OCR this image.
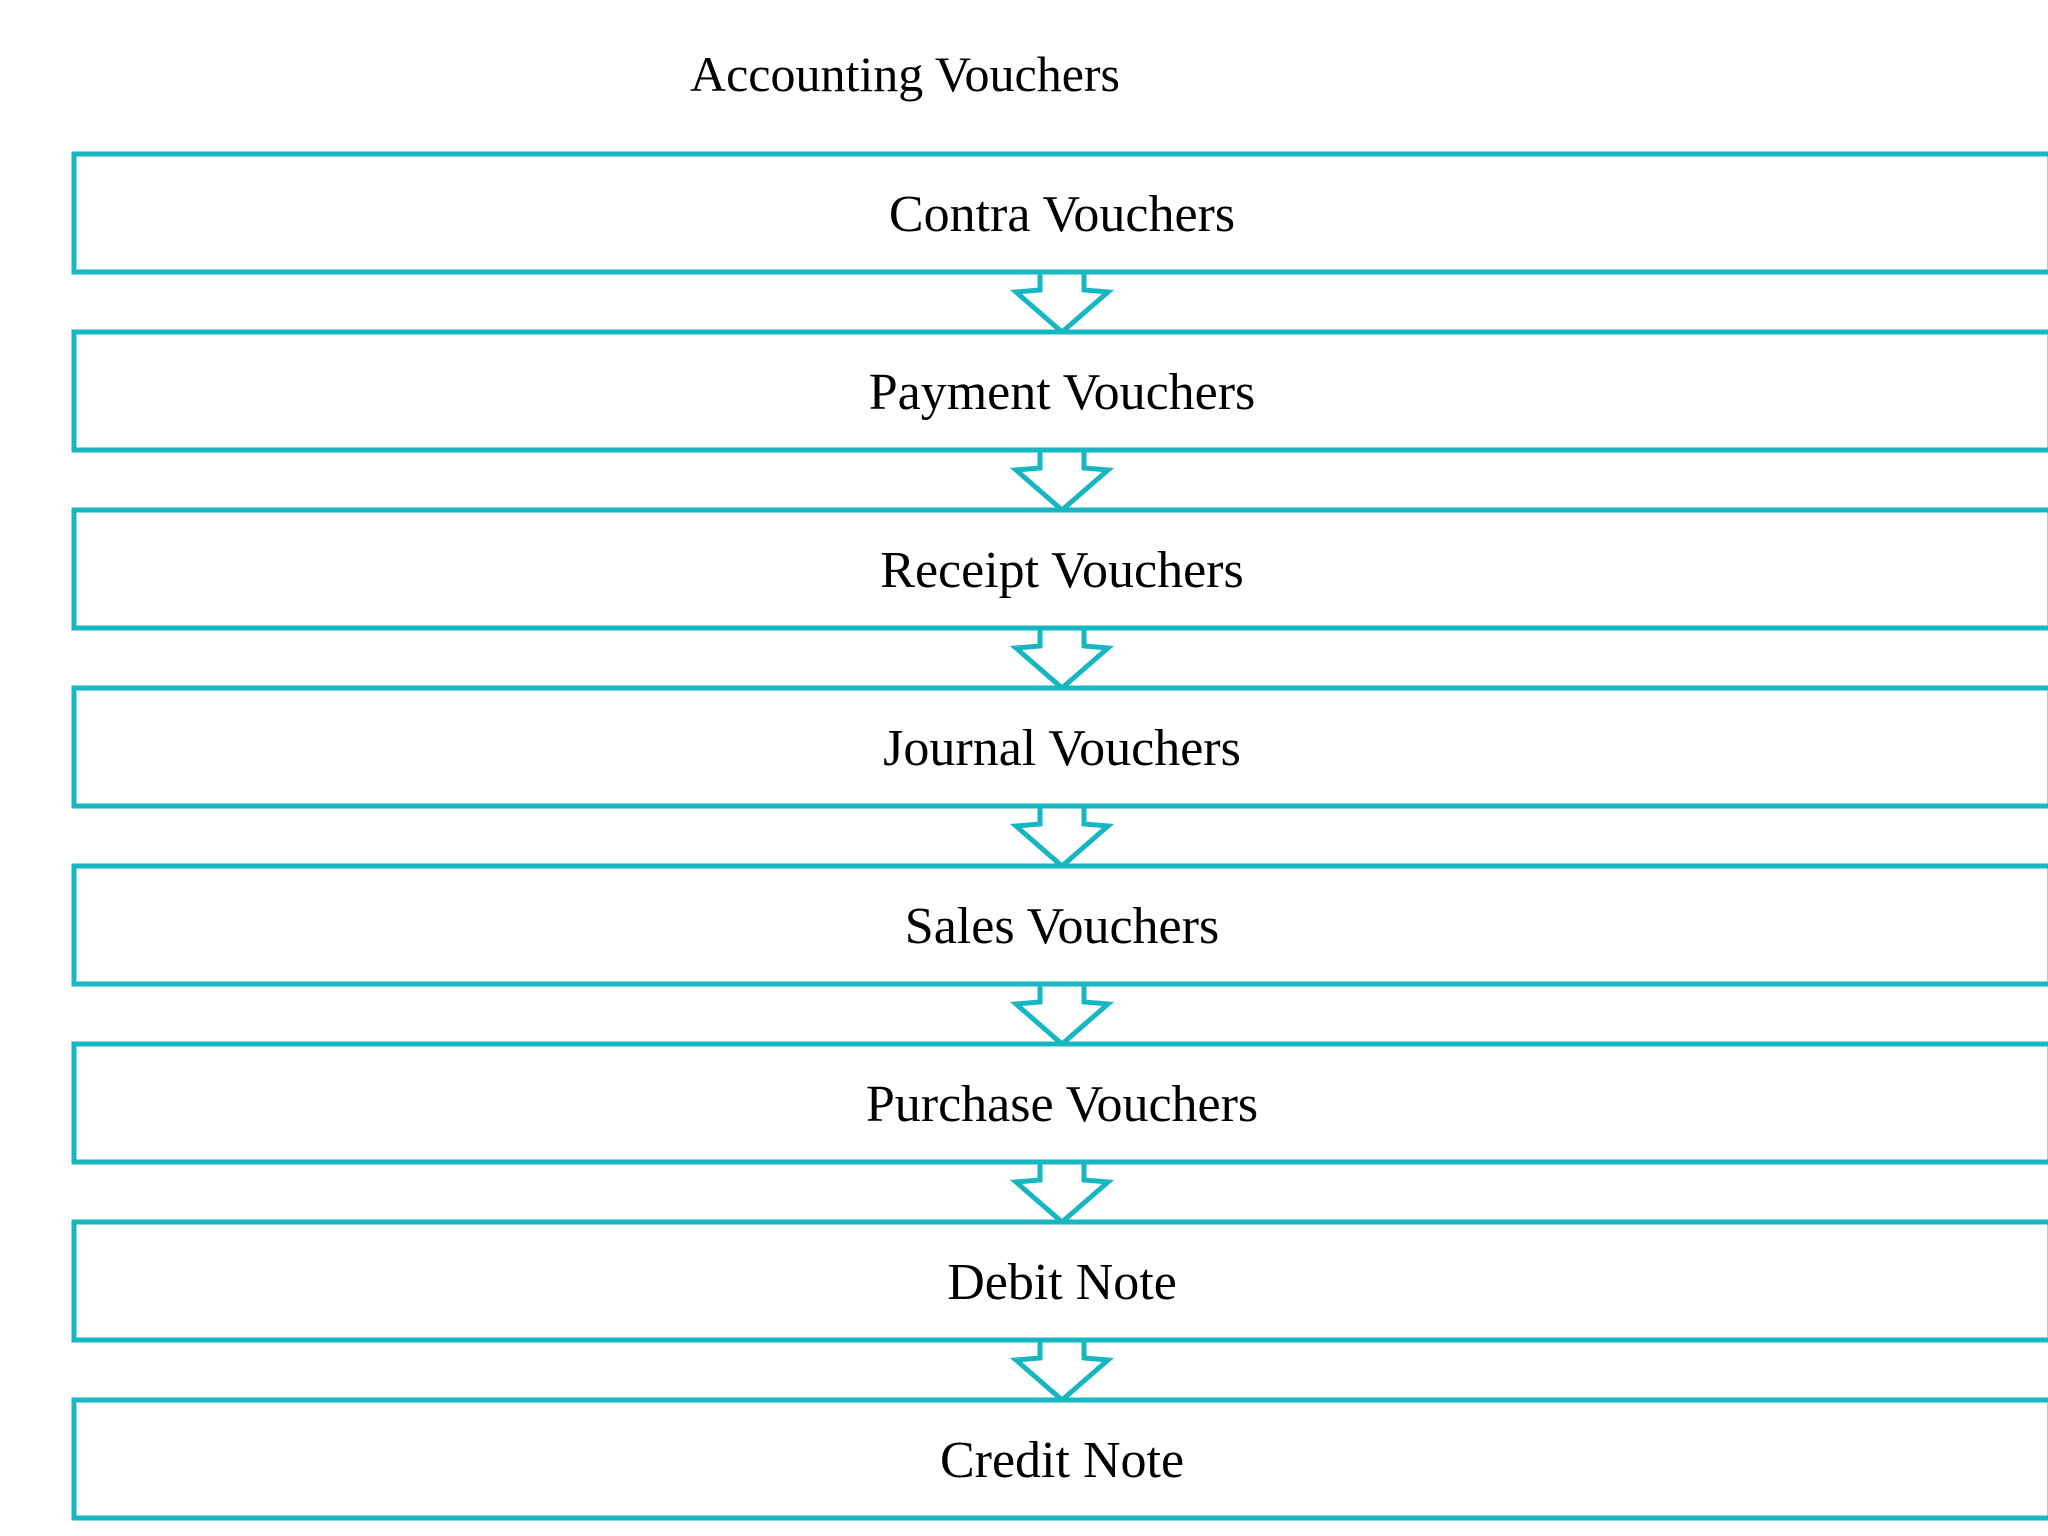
Accounting Vouchers
Contra Vouchers
Payment Vouchers
Receipt Vouchers
Journal Vouchers
Sales Vouchers
Purchase Vouchers
Debit Note
Credit Note
